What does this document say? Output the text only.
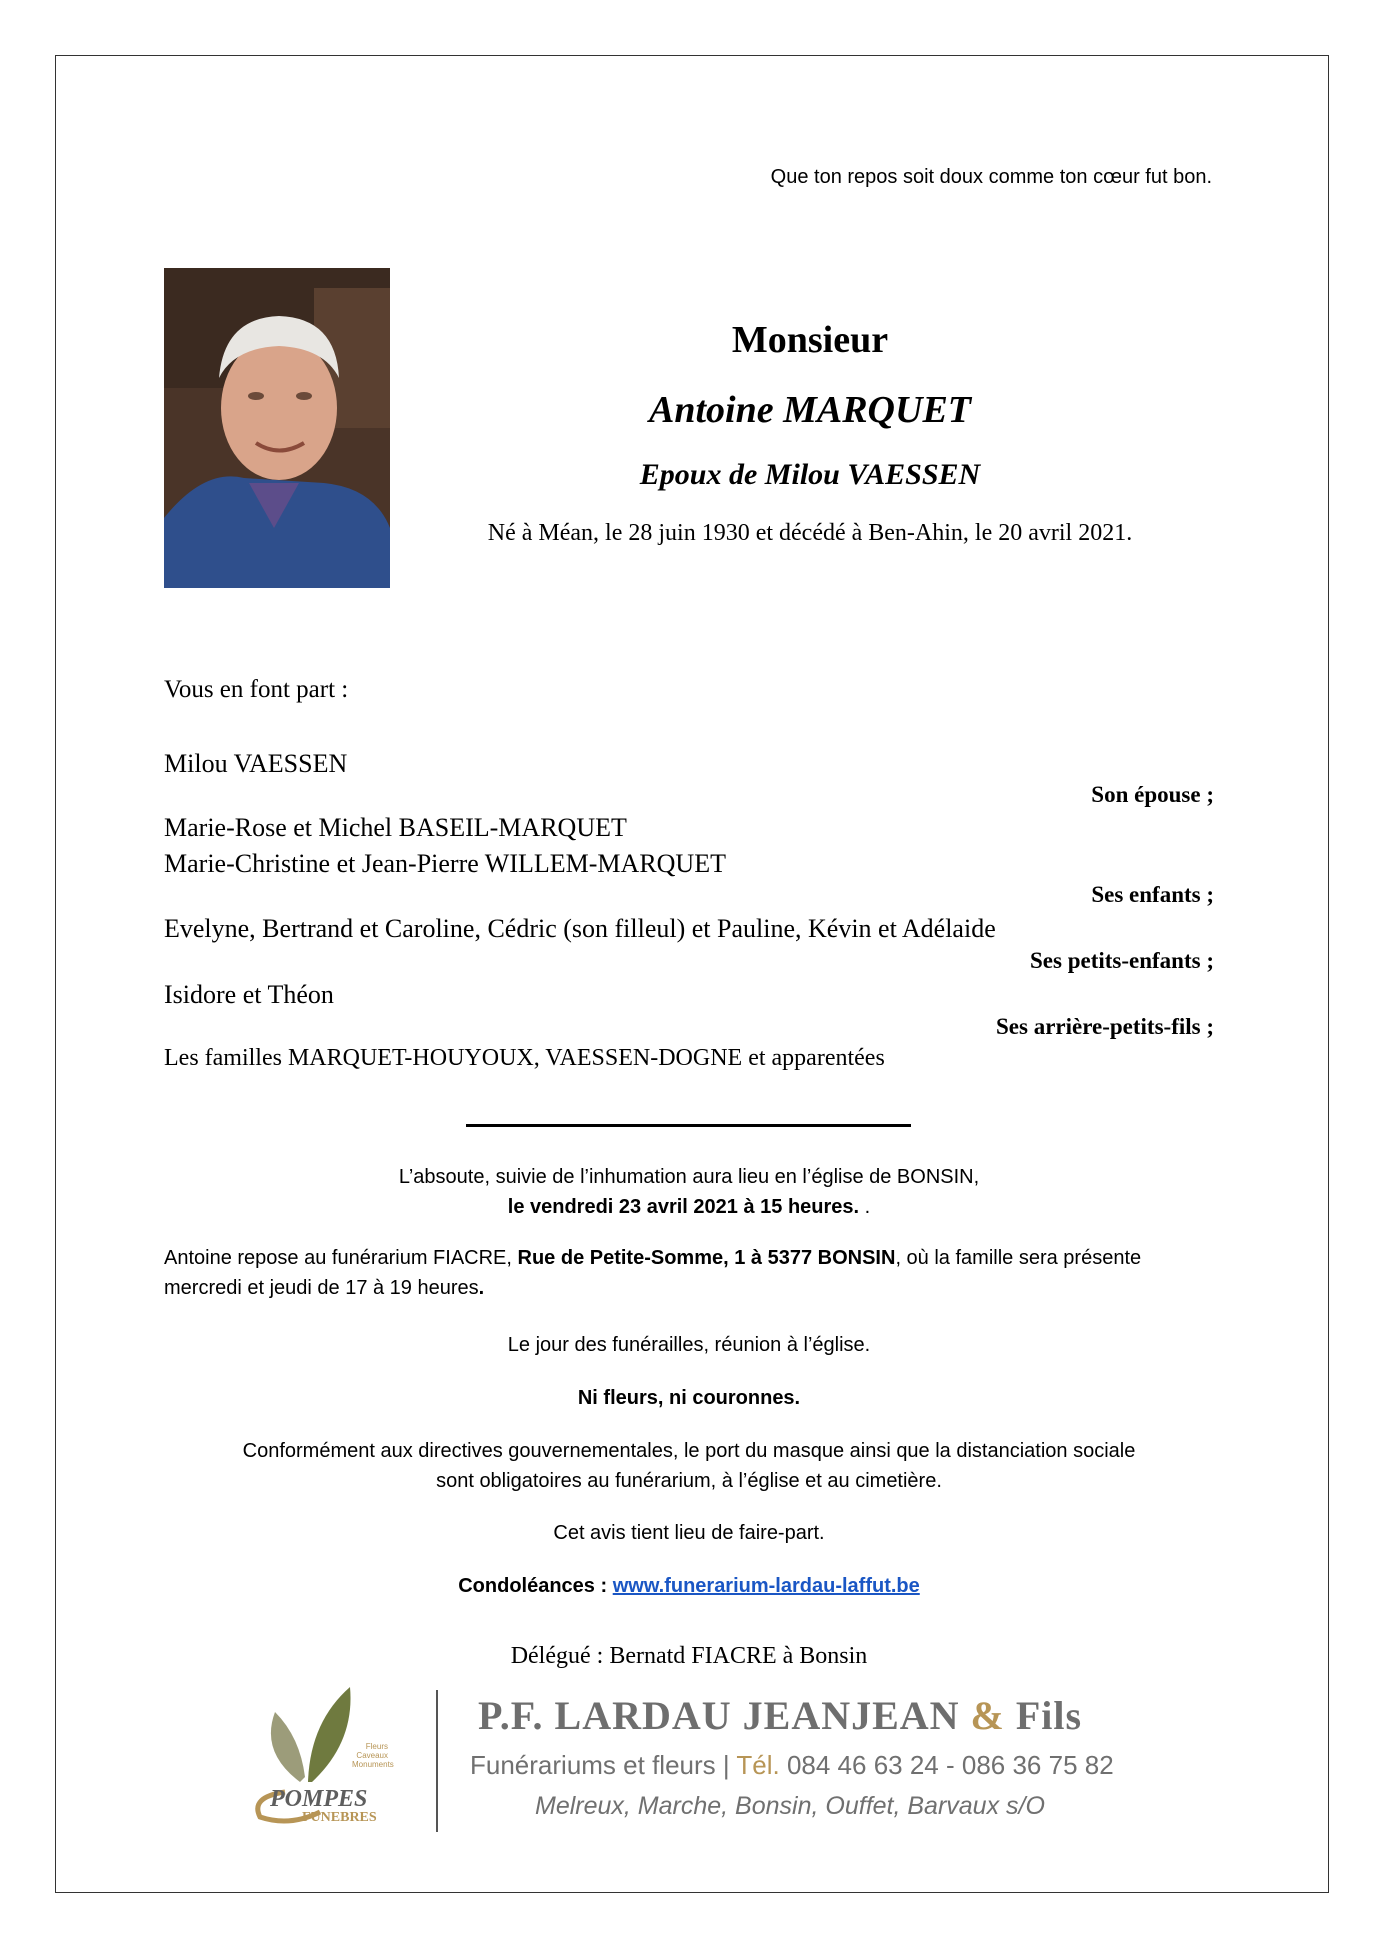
Que ton repos soit doux comme ton cœur fut bon.
Monsieur
Antoine MARQUET
Epoux de Milou VAESSEN
Né à Méan, le 28 juin 1930 et décédé à Ben-Ahin, le 20 avril 2021.
Vous en font part :
Milou VAESSEN
Son épouse ;
Marie-Rose et Michel BASEIL-MARQUET
Marie-Christine et Jean-Pierre WILLEM-MARQUET
Ses enfants ;
Evelyne, Bertrand et Caroline, Cédric (son filleul) et Pauline, Kévin et Adélaide
Ses petits-enfants ;
Isidore et Théon
Ses arrière-petits-fils ;
Les familles MARQUET-HOUYOUX, VAESSEN-DOGNE et apparentées
L’absoute, suivie de l’inhumation aura lieu en l’église de BONSIN,
le vendredi 23 avril 2021 à 15 heures. .
Antoine repose au funérarium FIACRE, Rue de Petite-Somme, 1 à 5377 BONSIN, où la famille sera présente mercredi et jeudi de 17 à 19 heures.
Le jour des funérailles, réunion à l’église.
Ni fleurs, ni couronnes.
Conformément aux directives gouvernementales, le port du masque ainsi que la distanciation sociale
sont obligatoires au funérarium, à l’église et au cimetière.
Cet avis tient lieu de faire-part.
Condoléances : www.funerarium-lardau-laffut.be
Délégué : Bernatd FIACRE à Bonsin
Fleurs
Caveaux
Monuments
POMPES
FUNEBRES
P.F. LARDAU JEANJEAN & Fils
Funérariums et fleurs | Tél. 084 46 63 24 - 086 36 75 82
Melreux, Marche, Bonsin, Ouffet, Barvaux s/O
